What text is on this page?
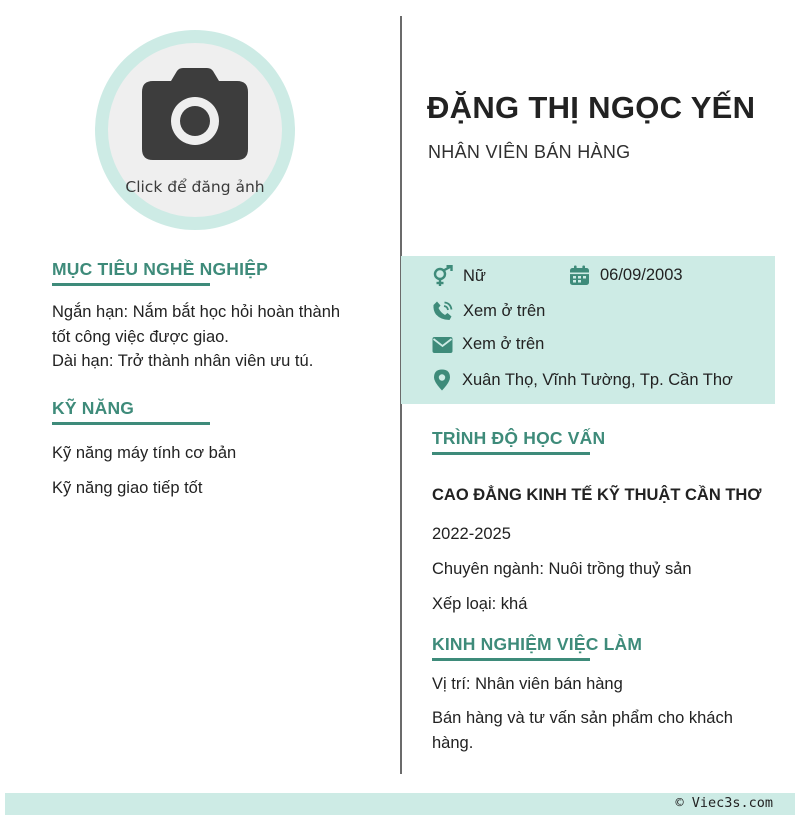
Click để đăng ảnh
ĐẶNG THỊ NGỌC YẾN
NHÂN VIÊN BÁN HÀNG
MỤC TIÊU NGHỀ NGHIỆP
Ngắn hạn: Nắm bắt học hỏi hoàn thành
tốt công việc được giao.
Dài hạn: Trở thành nhân viên ưu tú.
KỸ NĂNG
Kỹ năng máy tính cơ bản
Kỹ năng giao tiếp tốt
Nữ	06/09/2003
Xem ở trên
Xem ở trên
Xuân Thọ, Vĩnh Tường, Tp. Cần Thơ
TRÌNH ĐỘ HỌC VẤN
CAO ĐẲNG KINH TẾ KỸ THUẬT CẦN THƠ
2022-2025
Chuyên ngành: Nuôi trồng thuỷ sản
Xếp loại: khá
KINH NGHIỆM VIỆC LÀM
Vị trí: Nhân viên bán hàng
Bán hàng và tư vấn sản phẩm cho khách
hàng.
© Viec3s.com
